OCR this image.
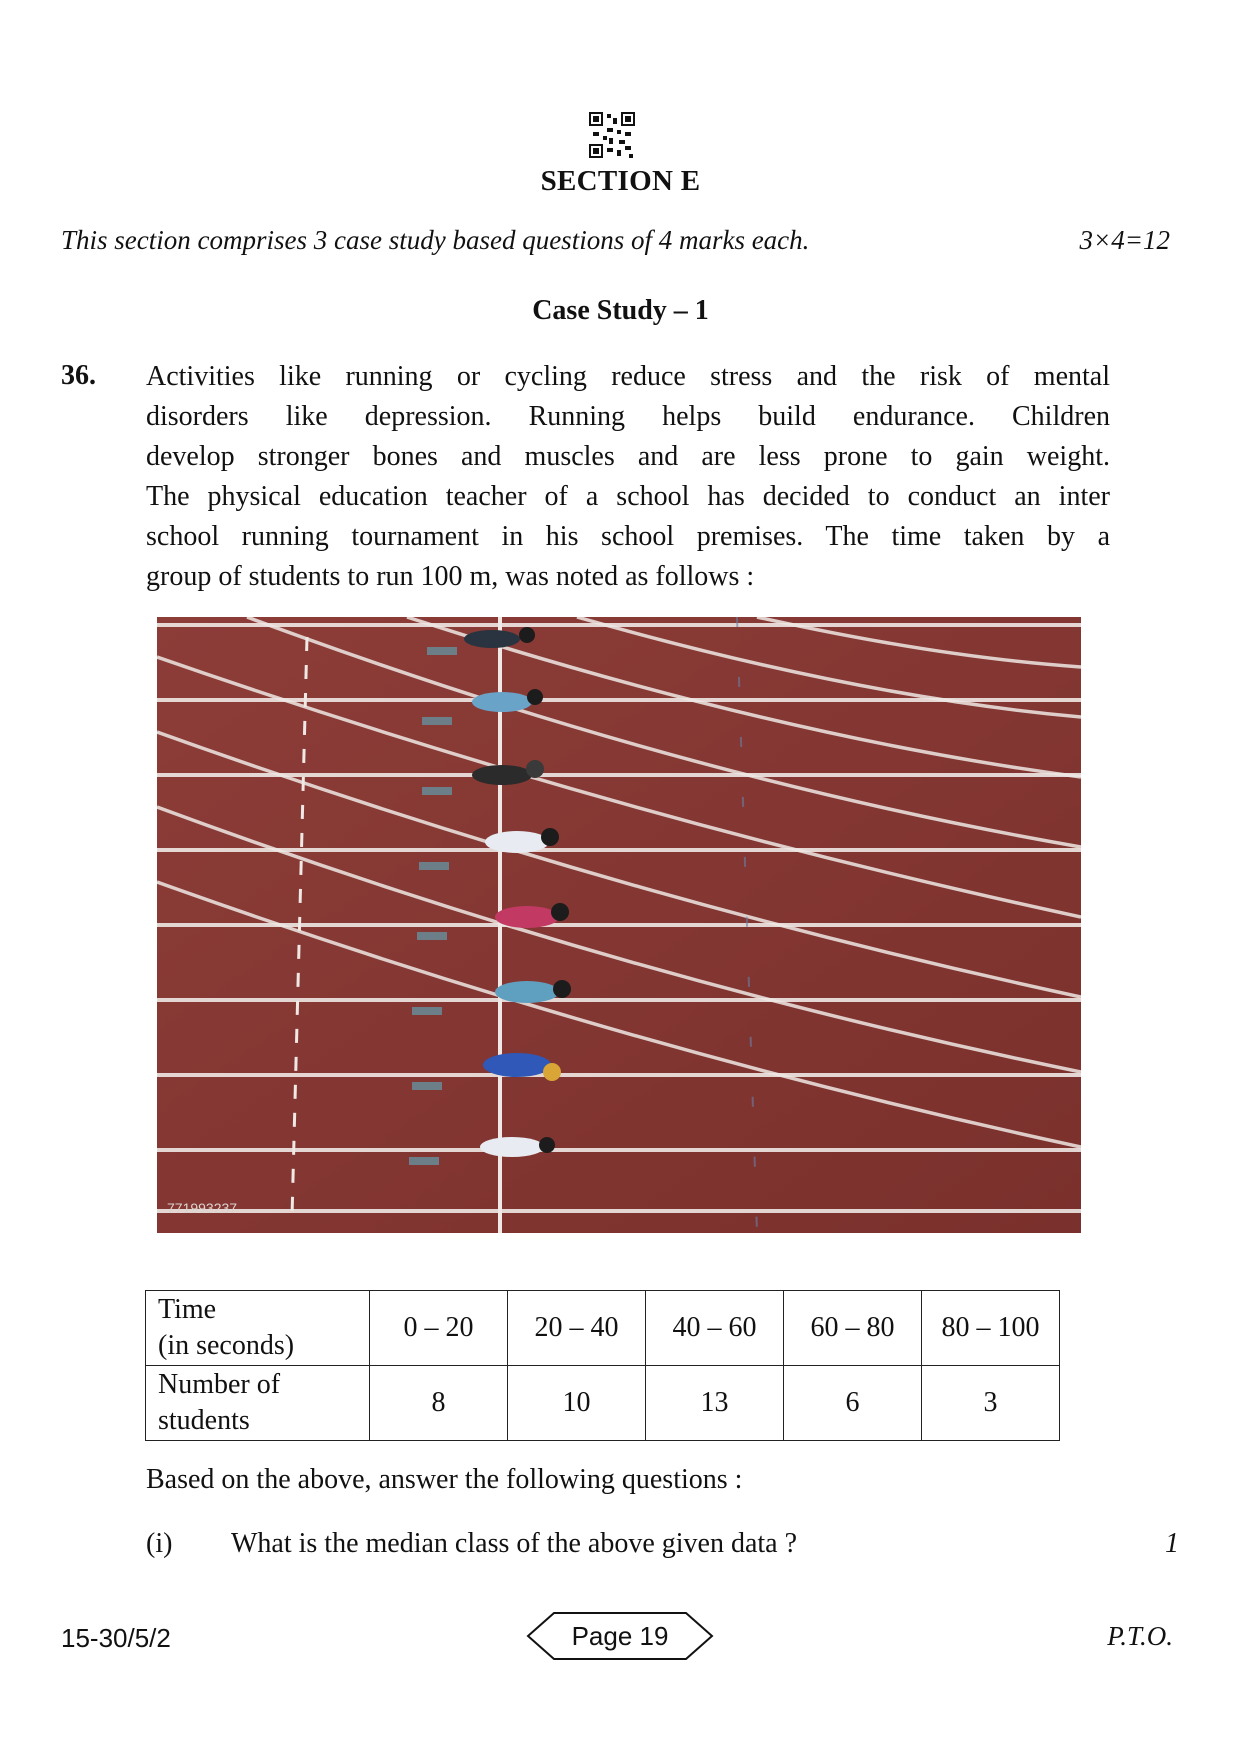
SECTION E
This section comprises 3 case study based questions of 4 marks each.	3×4=12
Case Study – 1
36. Activities like running or cycling reduce stress and the risk of mental
disorders like depression. Running helps build endurance. Children
develop stronger bones and muscles and are less prone to gain weight.
The physical education teacher of a school has decided to conduct an inter
school running tournament in his school premises. The time taken by a
group of students to run 100 m, was noted as follows :
771993237
Time
(in seconds)	0 – 20	20 – 40	40 – 60	60 – 80	80 – 100
Number of
students	8	10	13	6	3
Based on the above, answer the following questions :
(i) What is the median class of the above given data ?	1
15-30/5/2	Page 19	P.T.O.
